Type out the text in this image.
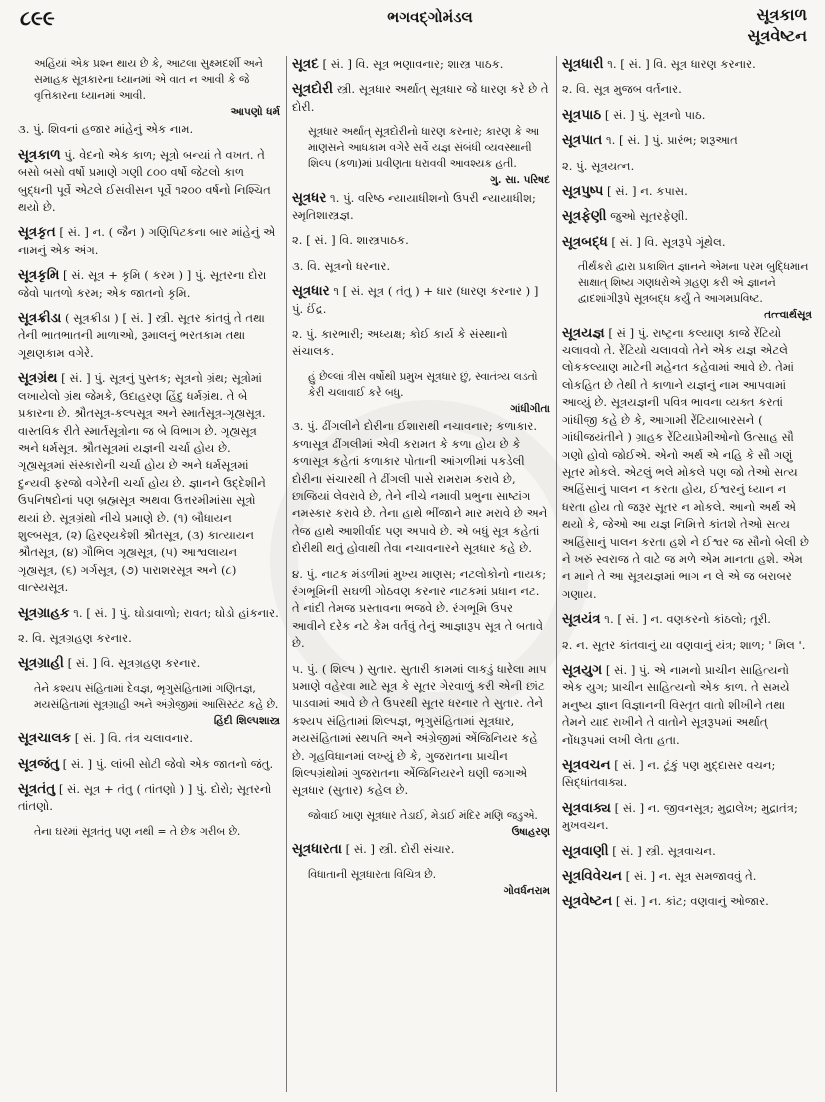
૮૯૯	ભગવદ્ગોમંડલ	સૂત્રકાળ
સૂત્રવેષ્ટન

અહિંયાં એક પ્રશ્ન થાય છે કે, આટલા સુક્ષ્મદર્શી અને સમાહક સૂત્રકારના ધ્યાનમાં એ વાત ન આવી કે જે વૃત્તિકારના ધ્યાનમાં આવી.

આપણો ધર્મ

૩. પું. શિવનાં હજાર માંહેનું એક નામ.

સૂત્રકાળ પું. વેદનો એક કાળ; સૂત્રો બન્યાં તે વખત. તે બસો બસો વર્ષો પ્રમાણે ગણી ૮૦૦ વર્ષો જેટલો કાળ બુદ્ધની પૂર્વે એટલે ઈસવીસન પૂર્વે ૧૨૦૦ વર્ષનો નિશ્ચિત થયો છે.

સૂત્રકૃત [ સં. ] ન. ( જૈન ) ગણિપિટકના બાર માંહેનું એ નામનું એક અંગ.

સૂત્રકૃમિ [ સં. સૂત્ર + કૃમિ ( કરમ ) ] પું. સૂતરના દોરા જેવો પાતળો કરમ; એક જાતનો કૃમિ.

સૂત્રક્રીડા ( સૂત્રક્રીડા ) [ સં. ] સ્ત્રી. સૂતર કાંતવું તે તથા તેની ભાતભાતની માળાઓ, રૂમાલનું ભરતકામ તથા ગૂથણકામ વગેરે.

સૂત્રગ્રંથ [ સં. ] પું. સૂત્રનું પુસ્તક; સૂત્રનો ગ્રંથ; સૂત્રોમાં લખાયેલો ગ્રંથ જેમકે, ઉદાહરણ હિંદુ ધર્મગ્રંથ. તે બે પ્રકારના છે. શ્રૌતસૂત્ર-કલ્પસૂત્ર અને સ્માર્તસૂત્ર-ગૃહ્યસૂત્ર. વાસ્તવિક રીતે સ્માર્તસૂત્રોના જ બે વિભાગ છે. ગૃહ્યસૂત્ર અને ધર્મસૂત્ર. શ્રૌતસૂત્રમાં યજ્ઞની ચર્ચા હોય છે. ગૃહ્યસૂત્રમાં સંસ્કારોની ચર્ચા હોય છે અને ધર્મસૂત્રમાં દુન્યવી ફરજો વગેરેની ચર્ચા હોય છે. જ્ઞાનને ઉદ્દેશીને ઉપનિષદોનાં પણ બ્રહ્મસૂત્ર અથવા ઉત્તરમીમાંસા સૂત્રો થયાં છે. સૂત્રગ્રંથો નીચે પ્રમાણે છે. (૧) બૌધાયન શુલ્બસૂત્ર, (૨) હિરણ્યકેશી શ્રૌતસૂત્ર, (૩) કાત્યાયન શ્રૌતસૂત્ર, (૪) ગૌભિલ ગૃહ્યસૂત્ર, (૫) આશ્વલાયન ગૃહ્યસૂત્ર, (૬) ગર્ગસૂત્ર, (૭) પારાશરસૂત્ર અને (૮) વાત્સ્યસૂત્ર.

સૂત્રગ્રાહક ૧. [ સં. ] પું. ઘોડાવાળો; રાવત; ઘોડો હાંકનાર.

૨. વિ. સૂત્રગ્રહણ કરનાર.

સૂત્રગ્રાહી [ સં. ] વિ. સૂત્રગ્રહણ કરનાર.

તેને કશ્યપ સંહિતામાં દેવજ્ઞ, ભૃગુસંહિતામાં ગણિતજ્ઞ, મયસંહિતામાં સૂત્રગ્રાહી અને અંગ્રેજીમાં આસિસ્ટંટ કહે છે.

હિંદી શિલ્પશાસ્ત્ર

સૂત્રચાલક [ સં. ] વિ. તંત્ર ચલાવનાર.

સૂત્રજંતુ [ સં. ] પું. લાંબી સોટી જેવો એક જાતનો જંતુ.

સૂત્રતંતુ [ સં. સૂત્ર + તંતુ ( તાંતણો ) ] પું. દોરો; સૂતરનો તાંતણો.

તેના ઘરમાં સૂત્રતંતુ પણ નથી = તે છેક ગરીબ છે.

સૂત્રદ [ સં. ] વિ. સૂત્ર ભણાવનાર; શાસ્ત્ર પાઠક.

સૂત્રદોરી સ્ત્રી. સૂત્રધાર અર્થાત્ સૂત્રધાર જે ધારણ કરે છે તે દોરી.

સૂત્રધાર અર્થાત્ સૂત્રદોરીનો ધારણ કરનાર; કારણ કે આ માણસને આધકામ વગેરે સર્વે યજ્ઞ સંબંધી વ્યવસ્થાની શિલ્પ (કળા)માં પ્રવીણતા ધરાવવી આવશ્યક હતી.

ગુ. સા. પરિષદ

સૂત્રધર ૧. પું. વરિષ્ઠ ન્યાયાધીશનો ઉપરી ન્યાયાધીશ; સ્મૃતિશાસ્ત્રજ્ઞ.

૨. [ સં. ] વિ. શાસ્ત્રપાઠક.

૩. વિ. સૂત્રનો ધરનાર.

સૂત્રધાર ૧ [ સં. સૂત્ર ( તંતુ ) + ધાર (ધારણ કરનાર ) ] પું. ઈંદ્ર.

૨. પું. કારભારી; અધ્યક્ષ; કોઈ કાર્ય કે સંસ્થાનો સંચાલક.

હું છેલ્લાં ત્રીસ વર્ષોથી પ્રમુખ સૂત્રધાર છું, સ્વાતંત્ર્ય લડતો કેરી ચલાવાઈ કરે બધુ.

ગાંધીગીતા

૩. પું. ઢીંગલીને દોરીના ઈશારાથી નચાવનાર; કળાકાર. કળાસૂત્ર ઢીંગલીમાં એવી કરામત કે કળા હોય છે કે કળાસૂત્ર કહેતાં કળાકાર પોતાની આંગળીમાં પકડેલી દોરીના સંચારથી તે ઢીંગલી પાસે રામરામ કરાવે છે, છાજિયાં લેવરાવે છે, તેને નીચે નમાવી પ્રભુના સાષ્ટાંગ નમસ્કાર કરાવે છે. તેના હાથે ભીંજાને માર મરાવે છે અને તેજ હાથે આશીર્વાદ પણ અપાવે છે. એ બધું સૂત્ર કહેતાં દોરીથી થતું હોવાથી તેવા નચાવનારને સૂત્રધાર કહે છે.

૪. પું. નાટક મંડળીમાં મુખ્ય માણસ; નટલોકોનો નાયક; રંગભૂમિની સઘળી ગોઠવણ કરનાર નાટકમાં પ્રધાન નટ. તે નાંદી તેમજ પ્રસ્તાવના ભજવે છે. રંગભૂમિ ઉપર આવીને દરેક નટે કેમ વર્તવું તેનું આજ્ઞારૂપ સૂત્ર તે બતાવે છે.

૫. પું. ( શિલ્પ ) સુતાર. સુતારી કામમાં લાકડું ધારેલા માપ પ્રમાણે વહેરવા માટે સૂત્ર કે સૂતર ગેરવાળું કરી એની છાંટ પાડવામાં આવે છે તે ઉપરથી સૂતર ધરનાર તે સુતાર. તેને કશ્યપ સંહિતામાં શિલ્પજ્ઞ, ભૃગુસંહિતામાં સૂત્રધાર, મયસંહિતામાં સ્થપતિ અને અંગ્રેજીમાં એંજિનિયર કહે છે. ગૃહવિધાનમાં લખ્યું છે કે, ગુજરાતના પ્રાચીન શિલ્પગ્રંથોમાં ગુજરાતના એંજિનિયરને ઘણી જગાએ સૂત્રધાર (સુતાર) કહેલ છે.

જોવાઈ ખાણ સૂત્રધાર તેડાઈ, મેડાઈ મંદિર મણિ જડુએ.

ઉષાહરણ

સૂત્રધારતા [ સં. ] સ્ત્રી. દોરી સંચાર.

વિધાતાની સૂત્રધારતા વિચિત્ર છે.

ગોવર્ધનરામ

સૂત્રધારી ૧. [ સં. ] વિ. સૂત્ર ધારણ કરનાર.

૨. વિ. સૂત્ર મુજબ વર્તનાર.

સૂત્રપાઠ [ સં. ] પું. સૂત્રનો પાઠ.

સૂત્રપાત ૧. [ સં. ] પું. પ્રારંભ; શરૂઆત

૨. પું. સૂત્રયત્ન.

સૂત્રપુષ્પ [ સં. ] ન. કપાસ.

સૂત્રફેણી જુઓ સૂતરફેણી.

સૂત્રબદ્ધ [ સં. ] વિ. સૂત્રરૂપે ગૂંથેલ.

તીર્થંકરો દ્વારા પ્રકાશિત જ્ઞાનને એમના પરમ બુદ્ધિમાન સાક્ષાત્ શિષ્ય ગણધરોએ ગ્રહણ કરી એ જ્ઞાનને દ્વાદશાંગીરૂપે સૂત્રબદ્ધ કર્યું તે આગમપ્રવિષ્ટ.

તત્ત્વાર્થસૂત્ર

સૂત્રયજ્ઞ [ સં ] પું. રાષ્ટ્રના કલ્યાણ કાજે રેંટિયો ચલાવવો તે. રેંટિયો ચલાવવો તેને એક યજ્ઞ એટલે લોકકલ્યાણ માટેની મહેનત કહેવામાં આવે છે. તેમાં લોકહિત છે તેથી તે કાળાને યજ્ઞનું નામ આપવામાં આવ્યું છે. સૂત્રયજ્ઞની પવિત્ર ભાવના વ્યક્ત કરતાં ગાંધીજી કહે છે કે, આગામી રેંટિયાબારસને ( ગાંધીજયંતીને ) ગ્રાહક રેંટિયાપ્રેમીઓનો ઉત્સાહ સૌ ગણો હોવો જોઈએ. એનો અર્થ એ નહિ કે સૌ ગણું સૂતર મોકલે. એટલું ભલે મોકલે પણ જો તેઓ સત્ય અહિંસાનું પાલન ન કરતા હોય, ઈશ્વરનું ધ્યાન ન ધરતા હોય તો જરૂર સૂતર ન મોકલે. આનો અર્થ એ થયો કે, જેઓ આ યજ્ઞ નિમિત્તે કાંતશે તેઓ સત્ય અહિંસાનું પાલન કરતા હશે ને ઈશ્વર જ સૌનો બેલી છે ને ખરું સ્વરાજ તે વાટે જ મળે એમ માનતા હશે. એમ ન માને તે આ સૂત્રયજ્ઞમાં ભાગ ન લે એ જ બરાબર ગણાય.

સૂત્રયંત્ર ૧. [ સં. ] ન. વણકરનો કાંઠલો; તૂરી.

૨. ન. સૂતર કાંતવાનું યા વણવાનું યંત્ર; શાળ; ' મિલ '.

સૂત્રયુગ [ સં. ] પું. એ નામનો પ્રાચીન સાહિત્યનો એક યુગ; પ્રાચીન સાહિત્યનો એક કાળ. તે સમયે મનુષ્ય જ્ઞાન વિજ્ઞાનની વિસ્તૃત વાતો શીખીને તથા તેમને યાદ રાખીને તે વાતોને સૂત્રરૂપમાં અર્થાત્ નોંધરૂપમાં લખી લેતા હતા.

સૂત્રવચન [ સં. ] ન. ટૂંકું પણ મુદ્દાસર વચન; સિદ્ધાંતવાક્ય.

સૂત્રવાક્ય [ સં. ] ન. જીવનસૂત્ર; મુદ્રાલેખ; મુદ્રાતંત્ર; મુખવચન.

સૂત્રવાણી [ સં. ] સ્ત્રી. સૂત્રવાચન.

સૂત્રવિવેચન [ સં. ] ન. સૂત્ર સમજાવવું તે.

સૂત્રવેષ્ટન [ સં. ] ન. કાંટ; વણવાનું ઓજાર.
